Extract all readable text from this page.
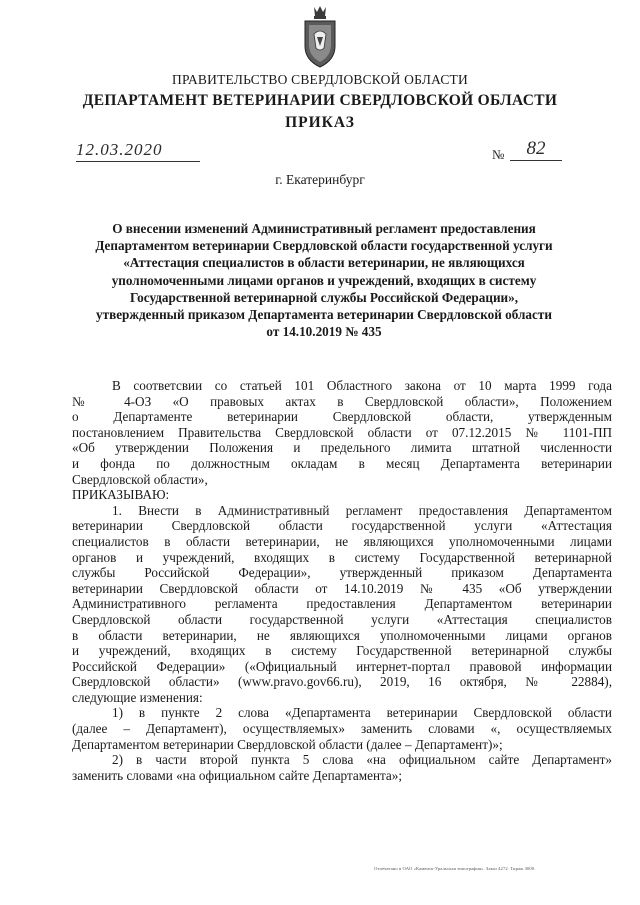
ПРАВИТЕЛЬСТВО СВЕРДЛОВСКОЙ ОБЛАСТИ
ДЕПАРТАМЕНТ ВЕТЕРИНАРИИ СВЕРДЛОВСКОЙ ОБЛАСТИ
ПРИКАЗ
12.03.2020	№	82
г. Екатеринбург
О внесении изменений Административный регламент предоставления
Департаментом ветеринарии Свердловской области государственной услуги
«Аттестация специалистов в области ветеринарии, не являющихся
уполномоченными лицами органов и учреждений, входящих в систему
Государственной ветеринарной службы Российской Федерации»,
утвержденный приказом Департамента ветеринарии Свердловской области
от 14.10.2019 № 435
В соответсвии со статьей 101 Областного закона от 10 марта 1999 года
№ 4-ОЗ «О правовых актах в Свердловской области», Положением
о Департаменте ветеринарии Свердловской области, утвержденным
постановлением Правительства Свердловской области от 07.12.2015 № 1101-ПП
«Об утверждении Положения и предельного лимита штатной численности
и фонда по должностным окладам в месяц Департамента ветеринарии
Свердловской области»,
ПРИКАЗЫВАЮ:
1. Внести в Административный регламент предоставления Департаментом
ветеринарии Свердловской области государственной услуги «Аттестация
специалистов в области ветеринарии, не являющихся уполномоченными лицами
органов и учреждений, входящих в систему Государственной ветеринарной
службы Российской Федерации», утвержденный приказом Департамента
ветеринарии Свердловской области от 14.10.2019 № 435 «Об утверждении
Административного регламента предоставления Департаментом ветеринарии
Свердловской области государственной услуги «Аттестация специалистов
в области ветеринарии, не являющихся уполномоченными лицами органов
и учреждений, входящих в систему Государственной ветеринарной службы
Российской Федерации» («Официальный интернет-портал правовой информации
Свердловской области» (www.pravo.gov66.ru), 2019, 16 октября, № 22884),
следующие изменения:
1) в пункте 2 слова «Департамента ветеринарии Свердловской области
(далее – Департамент), осуществляемых» заменить словами «, осуществляемых
Департаментом ветеринарии Свердловской области (далее – Департамент)»;
2) в части второй пункта 5 слова «на официальном сайте Департамент»
заменить словами «на официальном сайте Департамента»;
Отпечатано в ОАО «Каменск-Уральская типография». Заказ 4272. Тираж 3000.
